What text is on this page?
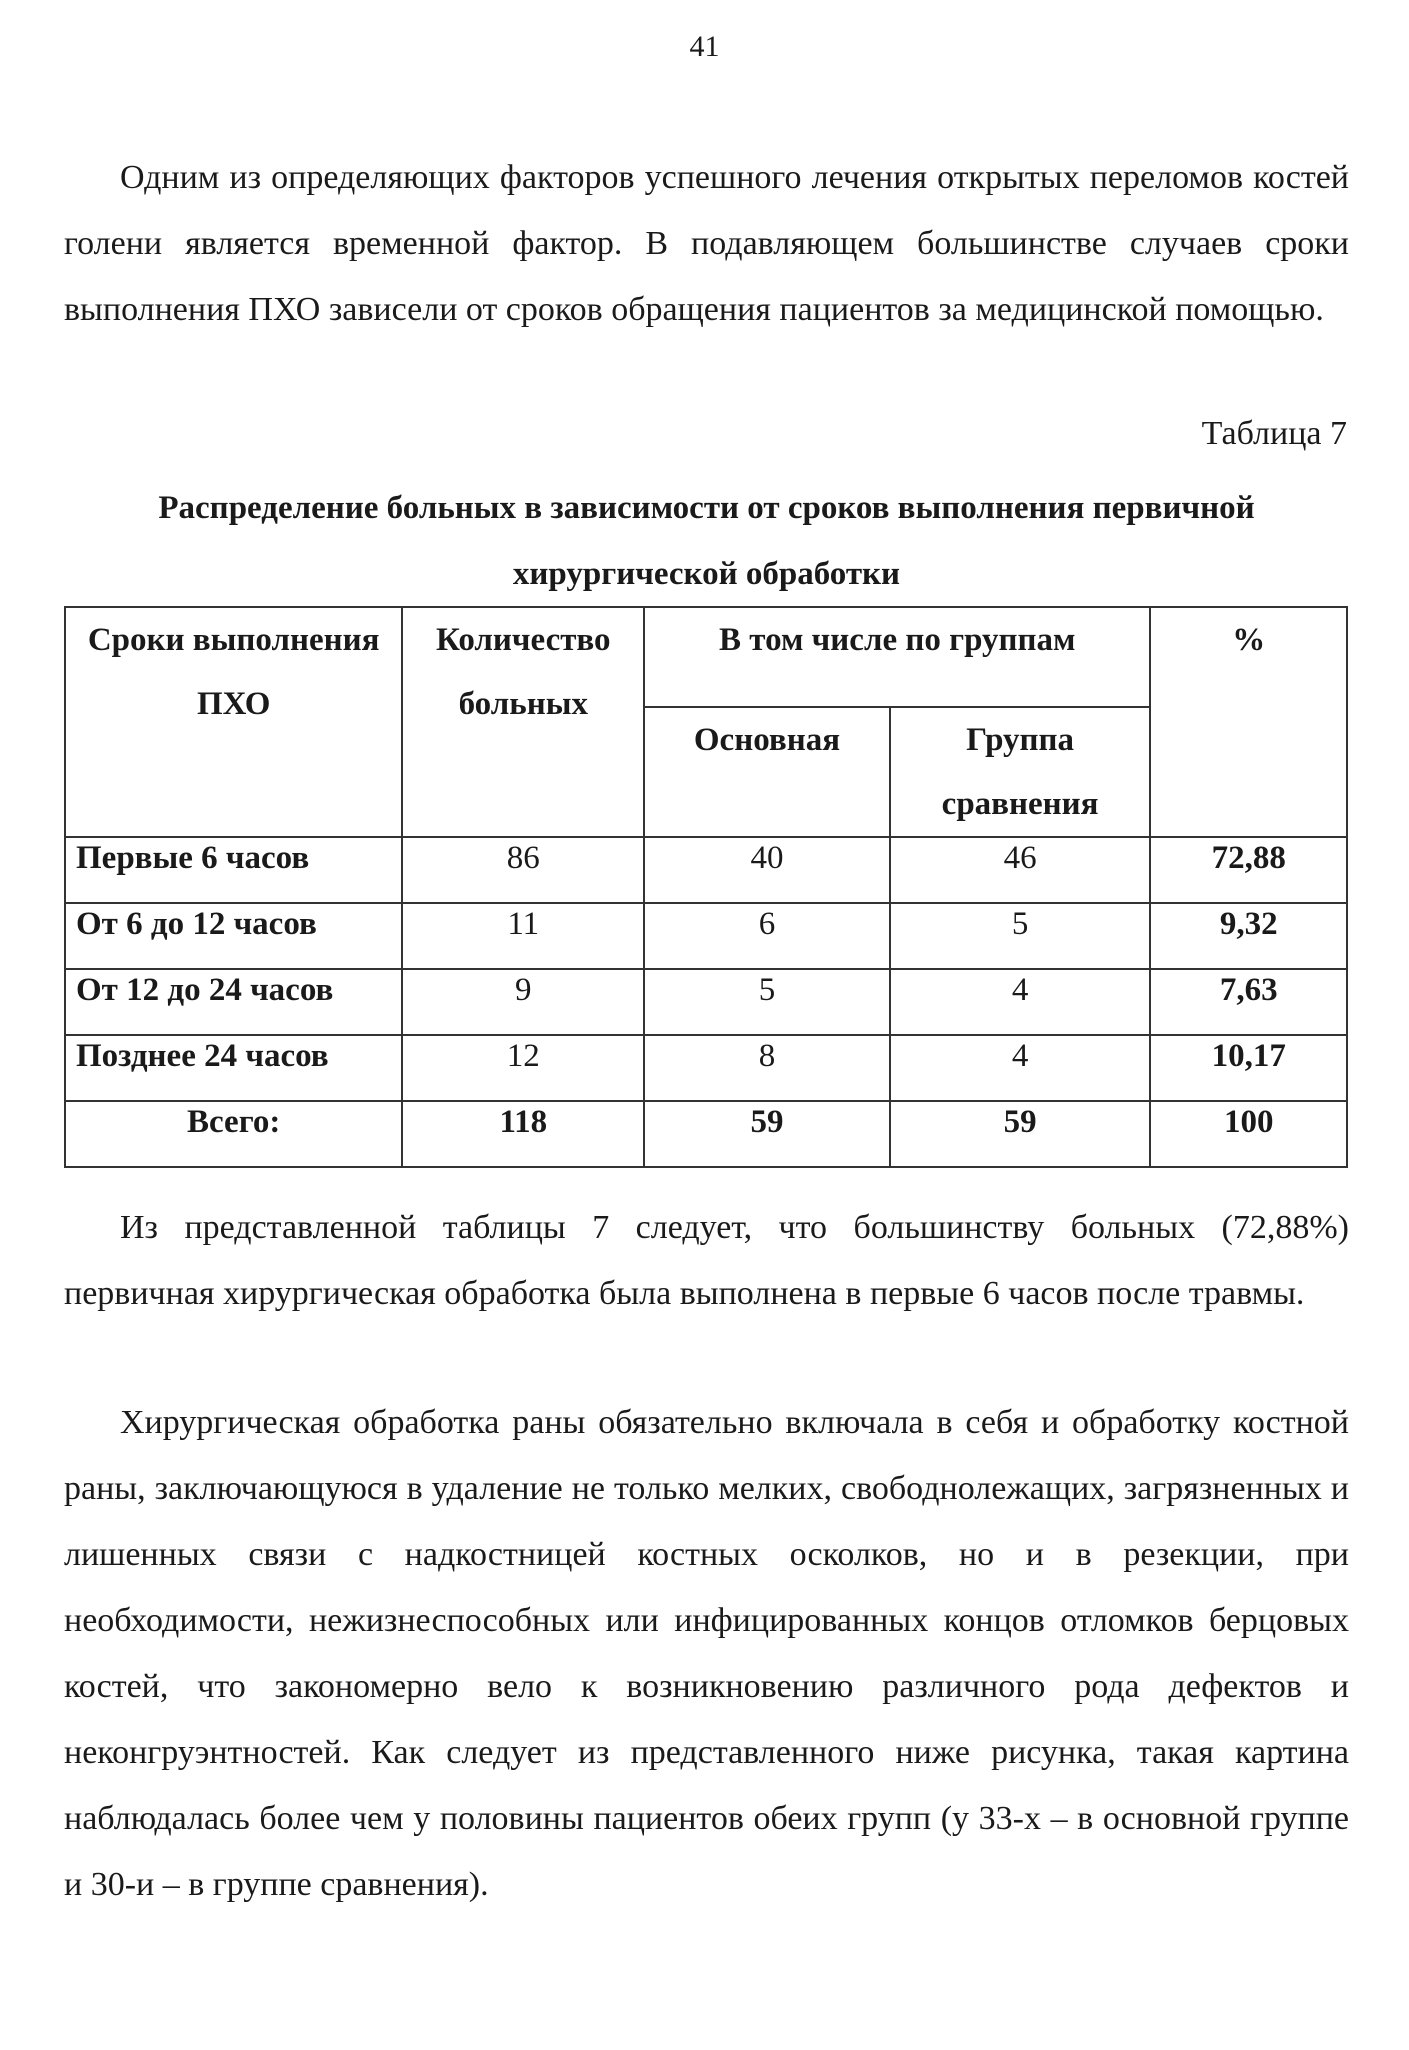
41

Одним из определяющих факторов успешного лечения открытых переломов костей голени является временной фактор. В подавляющем большинстве случаев сроки выполнения ПХО зависели от сроков обращения пациентов за медицинской помощью.

Таблица 7
Распределение больных в зависимости от сроков выполнения первичной хирургической обработки
Сроки выполнения ПХО	Количество больных	В том числе по группам		%
		Основная	Группа сравнения	
Первые 6 часов	86	40	46	72,88
От 6 до 12 часов	11	6	5	9,32
От 12 до 24 часов	9	5	4	7,63
Позднее 24 часов	12	8	4	10,17
Всего:	118	59	59	100

Из представленной таблицы 7 следует, что большинству больных (72,88%) первичная хирургическая обработка была выполнена в первые 6 часов после травмы.

Хирургическая обработка раны обязательно включала в себя и обработку костной раны, заключающуюся в удаление не только мелких, свободнолежащих, загрязненных и лишенных связи с надкостницей костных осколков, но и в резекции, при необходимости, нежизнеспособных или инфицированных концов отломков берцовых костей, что закономерно вело к возникновению различного рода дефектов и неконгруэнтностей. Как следует из представленного ниже рисунка, такая картина наблюдалась более чем у половины пациентов обеих групп (у 33-х – в основной группе и 30-и – в группе сравнения).
